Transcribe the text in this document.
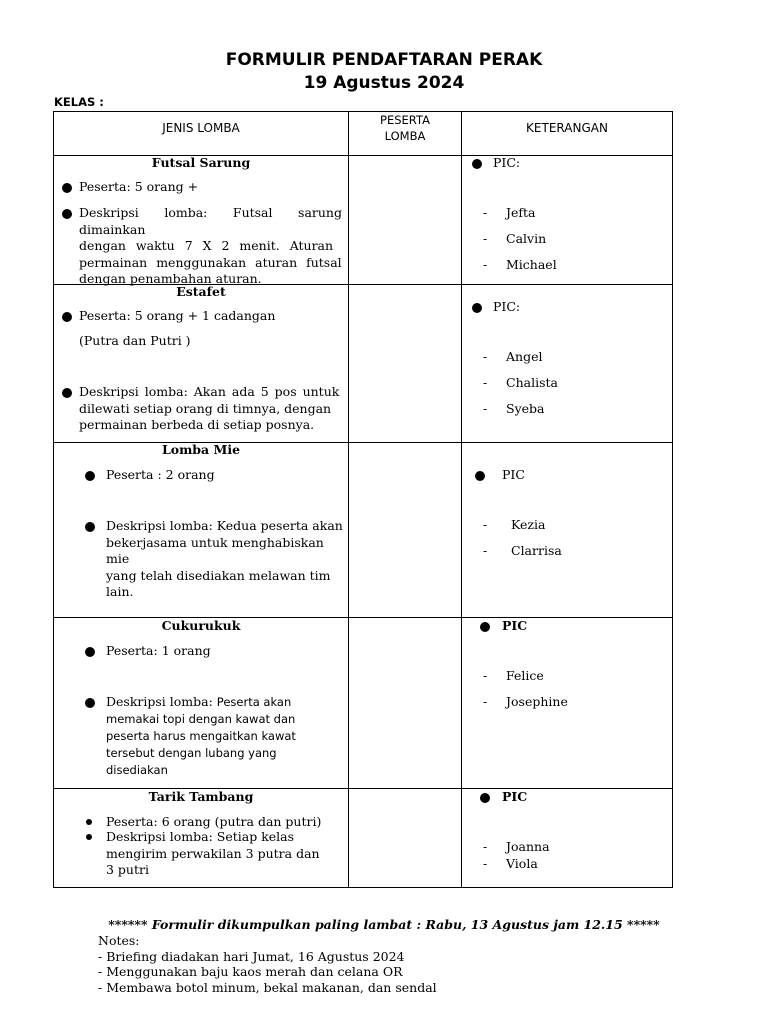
FORMULIR PENDAFTARAN PERAK
19 Agustus 2024
KELAS :
JENIS LOMBA
PESERTA
LOMBA
KETERANGAN
Futsal Sarung
Peserta: 5 orang +
Deskripsi lomba: Futsal sarung dimainkan
dengan waktu 7 X 2 menit. Aturan
permainan menggunakan aturan futsal
dengan penambahan aturan.
PIC:
- Jefta
- Calvin
- Michael
Estafet
Peserta: 5 orang + 1 cadangan
(Putra dan Putri )
Deskripsi lomba: Akan ada 5 pos untuk
dilewati setiap orang di timnya, dengan
permainan berbeda di setiap posnya.
PIC:
- Angel
- Chalista
- Syeba
Lomba Mie
Peserta : 2 orang
Deskripsi lomba: Kedua peserta akan
bekerjasama untuk menghabiskan mie
yang telah disediakan melawan tim
lain.
PIC
- Kezia
- Clarrisa
Cukurukuk
Peserta: 1 orang
Deskripsi lomba: Peserta akan
memakai topi dengan kawat dan
peserta harus mengaitkan kawat
tersebut dengan lubang yang
disediakan
PIC
- Felice
- Josephine
Tarik Tambang
Peserta: 6 orang (putra dan putri)
Deskripsi lomba: Setiap kelas
mengirim perwakilan 3 putra dan
3 putri
PIC
- Joanna
- Viola
****** Formulir dikumpulkan paling lambat : Rabu, 13 Agustus jam 12.15 *****
Notes:
- Briefing diadakan hari Jumat, 16 Agustus 2024
- Menggunakan baju kaos merah dan celana OR
- Membawa botol minum, bekal makanan, dan sendal
